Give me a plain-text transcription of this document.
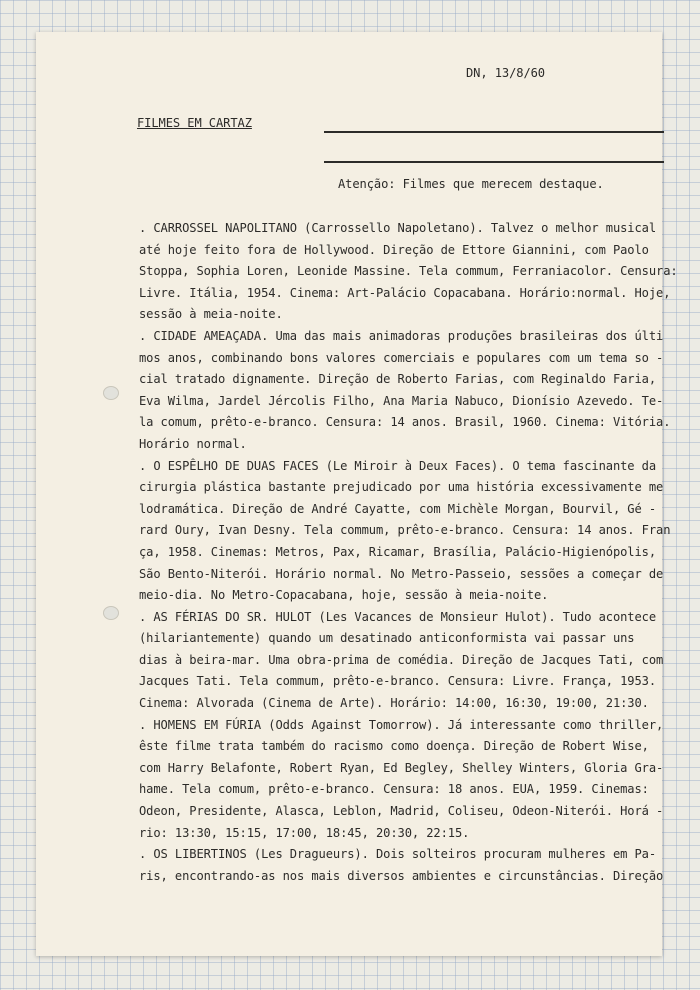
DN, 13/8/60
FILMES EM CARTAZ
Atenção: Filmes que merecem destaque.
. CARROSSEL NAPOLITANO (Carrossello Napoletano). Talvez o melhor musical
até hoje feito fora de Hollywood. Direção de Ettore Giannini, com Paolo
Stoppa, Sophia Loren, Leonide Massine. Tela commum, Ferraniacolor. Censura:
Livre. Itália, 1954. Cinema: Art-Palácio Copacabana. Horário:normal. Hoje,
sessão à meia-noite.
. CIDADE AMEAÇADA. Uma das mais animadoras produções brasileiras dos últi
mos anos, combinando bons valores comerciais e populares com um tema so -
cial tratado dignamente. Direção de Roberto Farias, com Reginaldo Faria,
Eva Wilma, Jardel Jércolis Filho, Ana Maria Nabuco, Dionísio Azevedo. Te-
la comum, prêto-e-branco. Censura: 14 anos. Brasil, 1960. Cinema: Vitória.
Horário normal.
. O ESPÊLHO DE DUAS FACES (Le Miroir à Deux Faces). O tema fascinante da
cirurgia plástica bastante prejudicado por uma história excessivamente me
lodramática. Direção de André Cayatte, com Michèle Morgan, Bourvil, Gé -
rard Oury, Ivan Desny. Tela commum, prêto-e-branco. Censura: 14 anos. Fran
ça, 1958. Cinemas: Metros, Pax, Ricamar, Brasília, Palácio-Higienópolis,
São Bento-Niterói. Horário normal. No Metro-Passeio, sessões a começar de
meio-dia. No Metro-Copacabana, hoje, sessão à meia-noite.
. AS FÉRIAS DO SR. HULOT (Les Vacances de Monsieur Hulot). Tudo acontece
(hilariantemente) quando um desatinado anticonformista vai passar uns
dias à beira-mar. Uma obra-prima de comédia. Direção de Jacques Tati, com
Jacques Tati. Tela commum, prêto-e-branco. Censura: Livre. França, 1953.
Cinema: Alvorada (Cinema de Arte). Horário: 14:00, 16:30, 19:00, 21:30.
. HOMENS EM FÚRIA (Odds Against Tomorrow). Já interessante como thriller,
êste filme trata também do racismo como doença. Direção de Robert Wise,
com Harry Belafonte, Robert Ryan, Ed Begley, Shelley Winters, Gloria Gra-
hame. Tela comum, prêto-e-branco. Censura: 18 anos. EUA, 1959. Cinemas:
Odeon, Presidente, Alasca, Leblon, Madrid, Coliseu, Odeon-Niterói. Horá -
rio: 13:30, 15:15, 17:00, 18:45, 20:30, 22:15.
. OS LIBERTINOS (Les Dragueurs). Dois solteiros procuram mulheres em Pa-
ris, encontrando-as nos mais diversos ambientes e circunstâncias. Direção
